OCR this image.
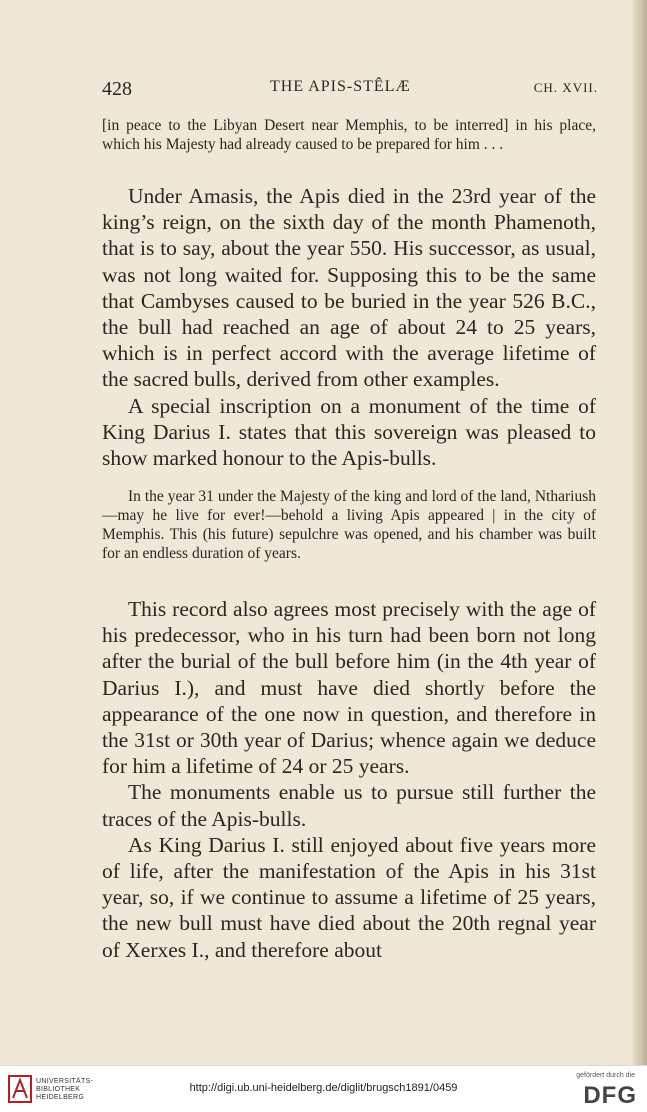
428	THE APIS-STÊLÆ	CH. XVII.
[in peace to the Libyan Desert near Memphis, to be interred] in his place, which his Majesty had already caused to be prepared for him . . .

Under Amasis, the Apis died in the 23rd year of the king’s reign, on the sixth day of the month Phamenoth, that is to say, about the year 550. His successor, as usual, was not long waited for. Supposing this to be the same that Cambyses caused to be buried in the year 526 B.C., the bull had reached an age of about 24 to 25 years, which is in perfect accord with the average lifetime of the sacred bulls, derived from other examples.

A special inscription on a monument of the time of King Darius I. states that this sovereign was pleased to show marked honour to the Apis-bulls.

In the year 31 under the Majesty of the king and lord of the land, Nthariush—may he live for ever!—behold a living Apis appeared | in the city of Memphis. This (his future) sepulchre was opened, and his chamber was built for an endless duration of years.

This record also agrees most precisely with the age of his predecessor, who in his turn had been born not long after the burial of the bull before him (in the 4th year of Darius I.), and must have died shortly before the appearance of the one now in question, and therefore in the 31st or 30th year of Darius; whence again we deduce for him a lifetime of 24 or 25 years.

The monuments enable us to pursue still further the traces of the Apis-bulls.

As King Darius I. still enjoyed about five years more of life, after the manifestation of the Apis in his 31st year, so, if we continue to assume a lifetime of 25 years, the new bull must have died about the 20th regnal year of Xerxes I., and therefore about

UNIVERSITÄTS-
BIBLIOTHEK
HEIDELBERG
http://digi.ub.uni-heidelberg.de/diglit/brugsch1891/0459
gefördert durch die
DFG
